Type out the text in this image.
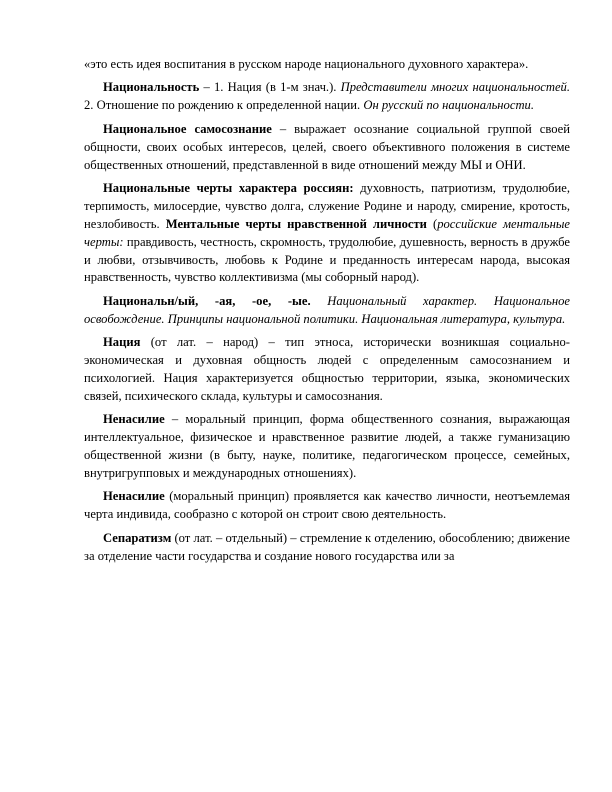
«это есть идея воспитания в русском народе национального духовного характера».

Национальность – 1. Нация (в 1-м знач.). Представители многих национальностей. 2. Отношение по рождению к определенной нации. Он русский по национальности.

Национальное самосознание – выражает осознание социальной группой своей общности, своих особых интересов, целей, своего объективного положения в системе общественных отношений, представленной в виде отношений между МЫ и ОНИ.

Национальные черты характера россиян: духовность, патриотизм, трудолюбие, терпимость, милосердие, чувство долга, служение Родине и народу, смирение, кротость, незлобивость. Ментальные черты нравственной личности (российские ментальные черты: правдивость, честность, скромность, трудолюбие, душевность, верность в дружбе и любви, отзывчивость, любовь к Родине и преданность интересам народа, высокая нравственность, чувство коллективизма (мы соборный народ).

Национальн/ый, -ая, -ое, -ые. Национальный характер. Национальное освобождение. Принципы национальной политики. Национальная литература, культура.

Нация (от лат. – народ) – тип этноса, исторически возникшая социально-экономическая и духовная общность людей с определенным самосознанием и психологией. Нация характеризуется общностью территории, языка, экономических связей, психического склада, культуры и самосознания.

Ненасилие – моральный принцип, форма общественного сознания, выражающая интеллектуальное, физическое и нравственное развитие людей, а также гуманизацию общественной жизни (в быту, науке, политике, педагогическом процессе, семейных, внутригрупповых и международных отношениях).

Ненасилие (моральный принцип) проявляется как качество личности, неотъемлемая черта индивида, сообразно с которой он строит свою деятельность.

Сепаратизм (от лат. – отдельный) – стремление к отделению, обособлению; движение за отделение части государства и создание нового государства или за
